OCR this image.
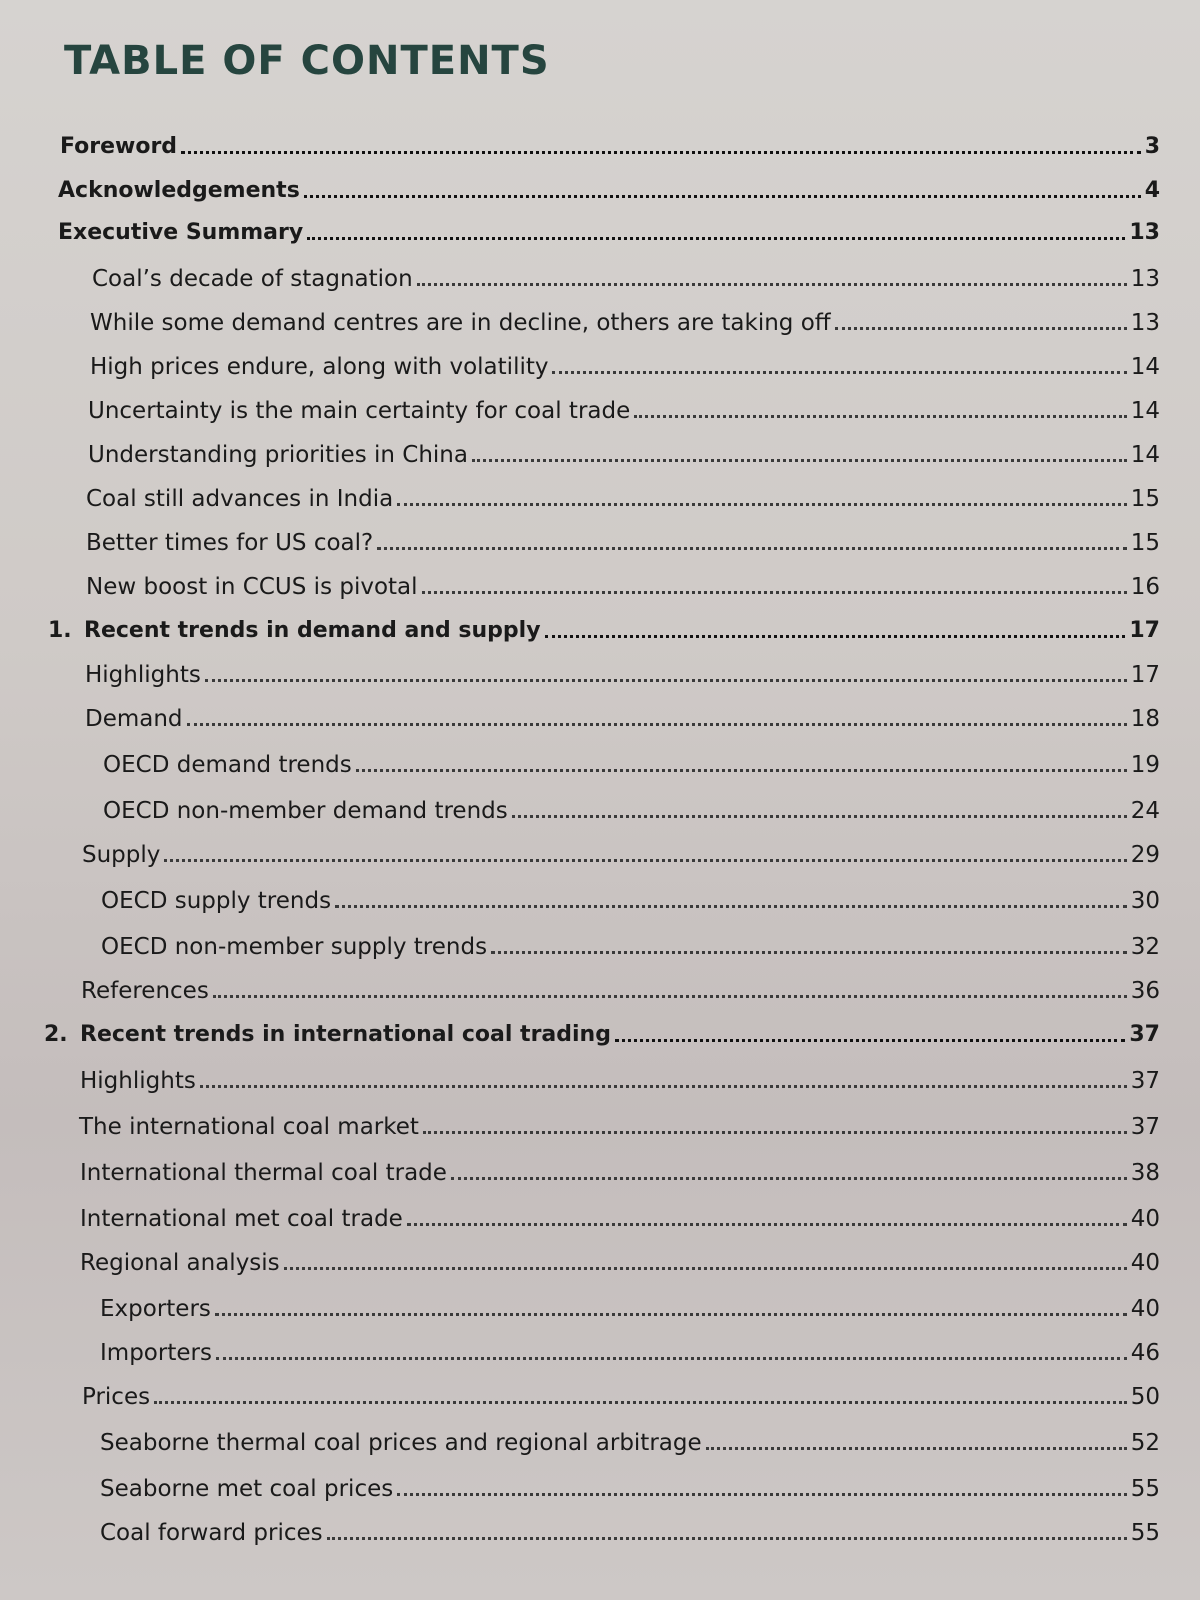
TABLE OF CONTENTS
Foreword	3
Acknowledgements	4
Executive Summary	13
Coal’s decade of stagnation	13
While some demand centres are in decline, others are taking off	13
High prices endure, along with volatility	14
Uncertainty is the main certainty for coal trade	14
Understanding priorities in China	14
Coal still advances in India	15
Better times for US coal?	15
New boost in CCUS is pivotal	16
1. Recent trends in demand and supply	17
Highlights	17
Demand	18
OECD demand trends	19
OECD non-member demand trends	24
Supply	29
OECD supply trends	30
OECD non-member supply trends	32
References	36
2. Recent trends in international coal trading	37
Highlights	37
The international coal market	37
International thermal coal trade	38
International met coal trade	40
Regional analysis	40
Exporters	40
Importers	46
Prices	50
Seaborne thermal coal prices and regional arbitrage	52
Seaborne met coal prices	55
Coal forward prices	55
